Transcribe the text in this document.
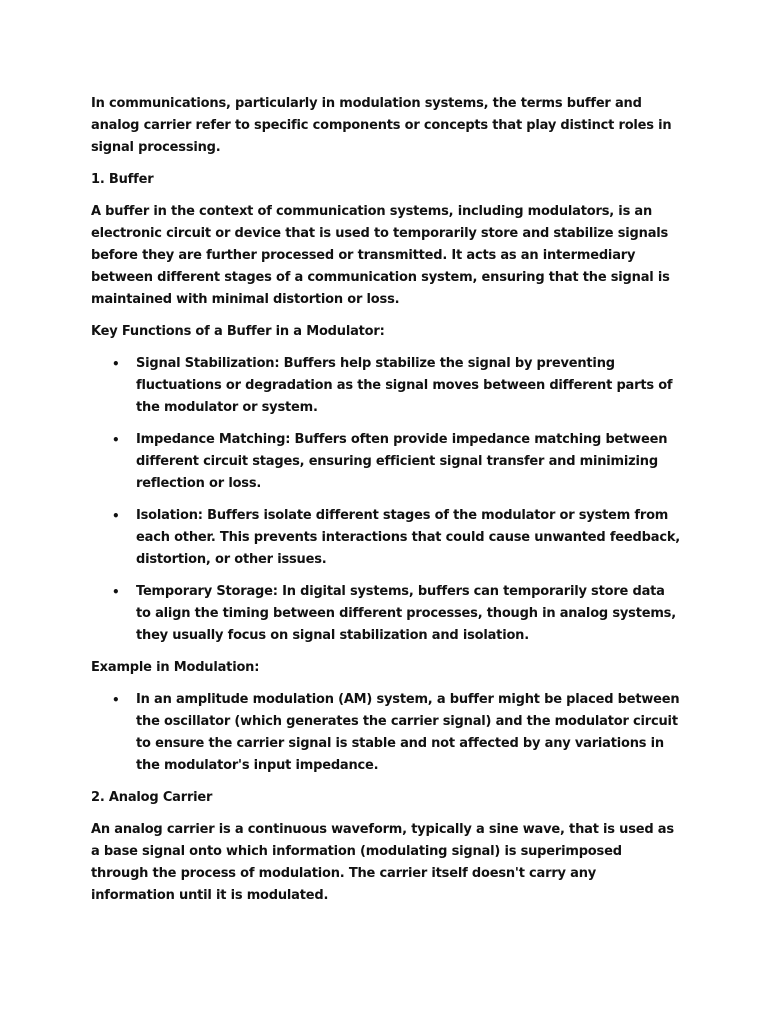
In communications, particularly in modulation systems, the terms buffer and analog carrier refer to specific components or concepts that play distinct roles in signal processing.

1. Buffer

A buffer in the context of communication systems, including modulators, is an electronic circuit or device that is used to temporarily store and stabilize signals before they are further processed or transmitted. It acts as an intermediary between different stages of a communication system, ensuring that the signal is maintained with minimal distortion or loss.

Key Functions of a Buffer in a Modulator:

• Signal Stabilization: Buffers help stabilize the signal by preventing fluctuations or degradation as the signal moves between different parts of the modulator or system.
• Impedance Matching: Buffers often provide impedance matching between different circuit stages, ensuring efficient signal transfer and minimizing reflection or loss.
• Isolation: Buffers isolate different stages of the modulator or system from each other. This prevents interactions that could cause unwanted feedback, distortion, or other issues.
• Temporary Storage: In digital systems, buffers can temporarily store data to align the timing between different processes, though in analog systems, they usually focus on signal stabilization and isolation.

Example in Modulation:

• In an amplitude modulation (AM) system, a buffer might be placed between the oscillator (which generates the carrier signal) and the modulator circuit to ensure the carrier signal is stable and not affected by any variations in the modulator's input impedance.

2. Analog Carrier

An analog carrier is a continuous waveform, typically a sine wave, that is used as a base signal onto which information (modulating signal) is superimposed through the process of modulation. The carrier itself doesn't carry any information until it is modulated.
